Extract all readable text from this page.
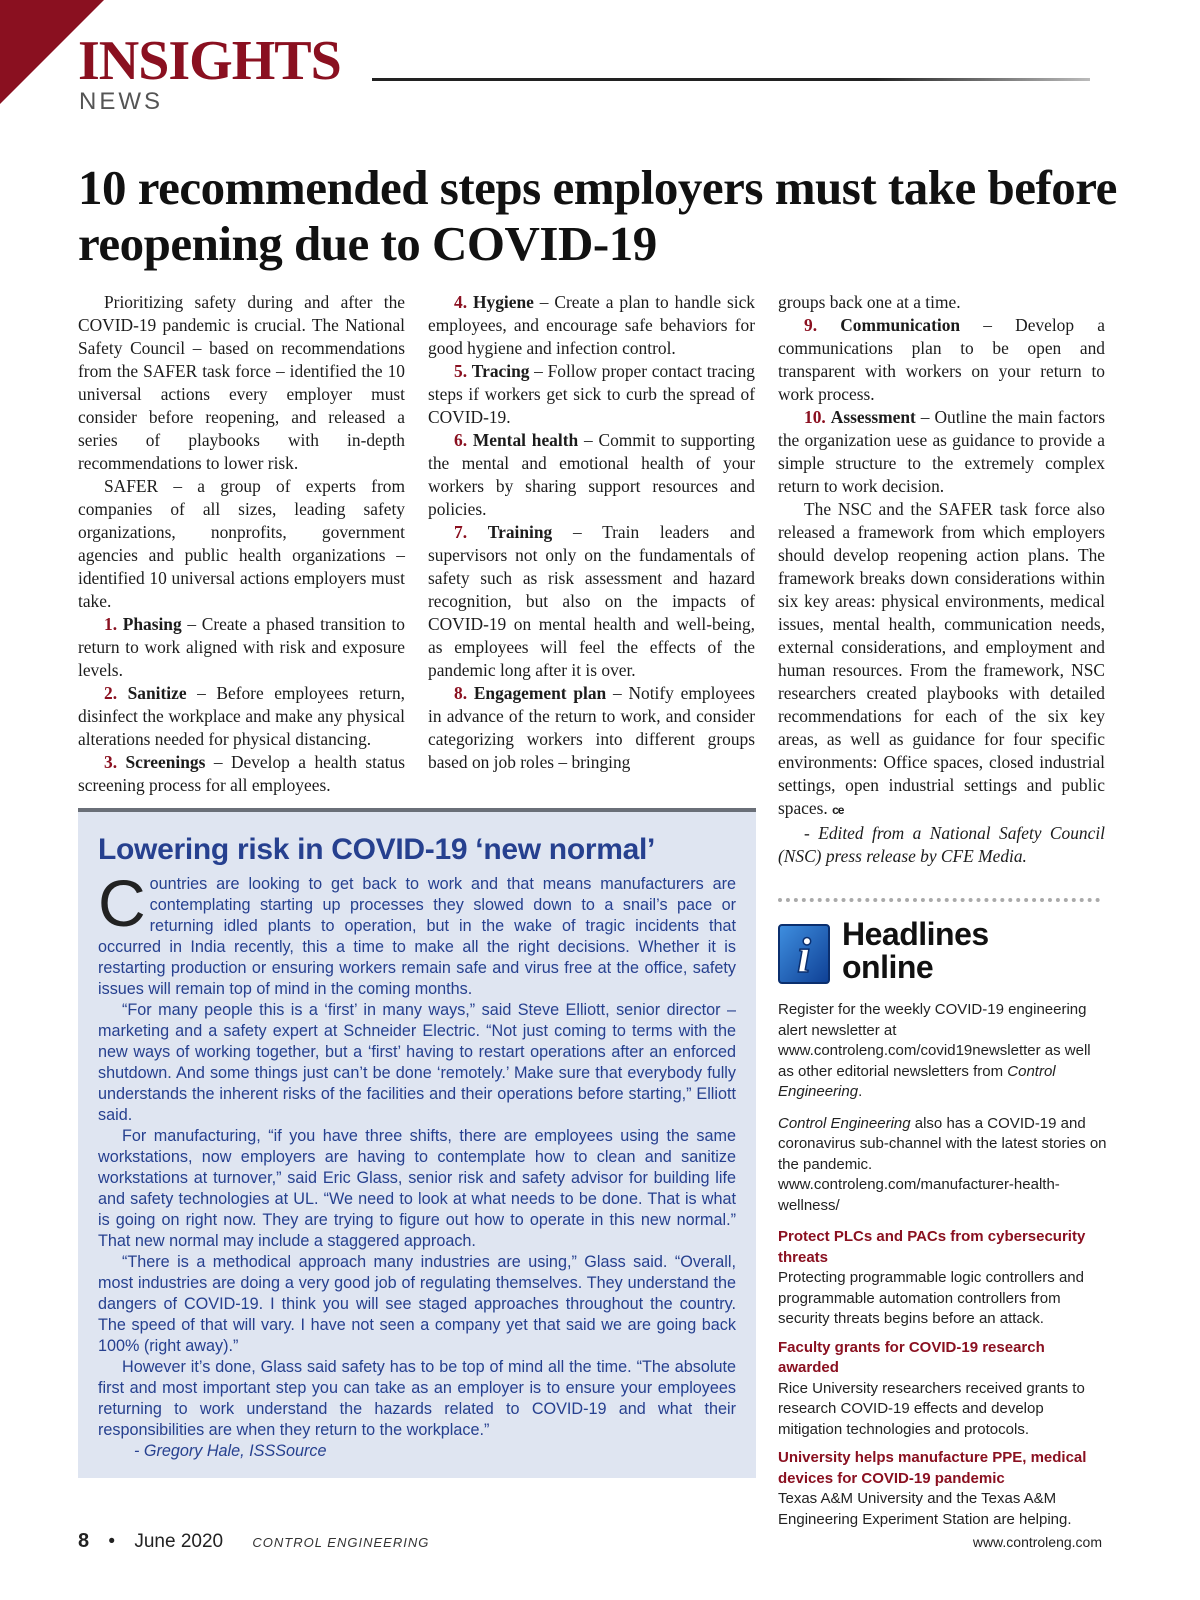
INSIGHTS
NEWS
10 recommended steps employers must take before reopening due to COVID-19

Prioritizing safety during and after the COVID-19 pandemic is crucial. The National Safety Council – based on recommendations from the SAFER task force – identified the 10 universal actions every employer must consider before reopening, and released a series of playbooks with in-depth recommendations to lower risk.

SAFER – a group of experts from companies of all sizes, leading safety organizations, nonprofits, government agencies and public health organizations – identified 10 universal actions employers must take.

1. Phasing – Create a phased transition to return to work aligned with risk and exposure levels.

2. Sanitize – Before employees return, disinfect the workplace and make any physical alterations needed for physical distancing.

3. Screenings – Develop a health status screening process for all employees.

4. Hygiene – Create a plan to handle sick employees, and encourage safe behaviors for good hygiene and infection control.

5. Tracing – Follow proper contact tracing steps if workers get sick to curb the spread of COVID-19.

6. Mental health – Commit to supporting the mental and emotional health of your workers by sharing support resources and policies.

7. Training – Train leaders and supervisors not only on the fundamentals of safety such as risk assessment and hazard recognition, but also on the impacts of COVID-19 on mental health and well-being, as employees will feel the effects of the pandemic long after it is over.

8. Engagement plan – Notify employees in advance of the return to work, and consider categorizing workers into different groups based on job roles – bringing

groups back one at a time.

9. Communication – Develop a communications plan to be open and transparent with workers on your return to work process.

10. Assessment – Outline the main factors the organization uese as guidance to provide a simple structure to the extremely complex return to work decision.

The NSC and the SAFER task force also released a framework from which employers should develop reopening action plans. The framework breaks down considerations within six key areas: physical environments, medical issues, mental health, communication needs, external considerations, and employment and human resources. From the framework, NSC researchers created playbooks with detailed recommendations for each of the six key areas, as well as guidance for four specific environments: Office spaces, closed industrial settings, open industrial settings and public spaces. ce

- Edited from a National Safety Council (NSC) press release by CFE Media.

Lowering risk in COVID-19 ‘new normal’

Countries are looking to get back to work and that means manufacturers are contemplating starting up processes they slowed down to a snail’s pace or returning idled plants to operation, but in the wake of tragic incidents that occurred in India recently, this a time to make all the right decisions. Whether it is restarting production or ensuring workers remain safe and virus free at the office, safety issues will remain top of mind in the coming months.

“For many people this is a ‘first’ in many ways,” said Steve Elliott, senior director – marketing and a safety expert at Schneider Electric. “Not just coming to terms with the new ways of working together, but a ‘first’ having to restart operations after an enforced shutdown. And some things just can’t be done ‘remotely.’ Make sure that everybody fully understands the inherent risks of the facilities and their operations before starting,” Elliott said.

For manufacturing, “if you have three shifts, there are employees using the same workstations, now employers are having to contemplate how to clean and sanitize workstations at turnover,” said Eric Glass, senior risk and safety advisor for building life and safety technologies at UL. “We need to look at what needs to be done. That is what is going on right now. They are trying to figure out how to operate in this new normal.” That new normal may include a staggered approach.

“There is a methodical approach many industries are using,” Glass said. “Overall, most industries are doing a very good job of regulating themselves. They understand the dangers of COVID-19. I think you will see staged approaches throughout the country. The speed of that will vary. I have not seen a company yet that said we are going back 100% (right away).”

However it’s done, Glass said safety has to be top of mind all the time. “The absolute first and most important step you can take as an employer is to ensure your employees returning to work understand the hazards related to COVID-19 and what their responsibilities are when they return to the workplace.”

- Gregory Hale, ISSSource

i Headlines
online

Register for the weekly COVID-19 engineering alert newsletter at www.controleng.com/covid19newsletter as well as other editorial newsletters from Control Engineering.

Control Engineering also has a COVID-19 and coronavirus sub-channel with the latest stories on the pandemic. www.controleng.com/manufacturer-health-wellness/

Protect PLCs and PACs from cybersecurity threats

Protecting programmable logic controllers and programmable automation controllers from security threats begins before an attack.

Faculty grants for COVID-19 research awarded

Rice University researchers received grants to research COVID-19 effects and develop mitigation technologies and protocols.

University helps manufacture PPE, medical devices for COVID-19 pandemic

Texas A&M University and the Texas A&M Engineering Experiment Station are helping.

8 • June 2020 CONTROL ENGINEERING	www.controleng.com
